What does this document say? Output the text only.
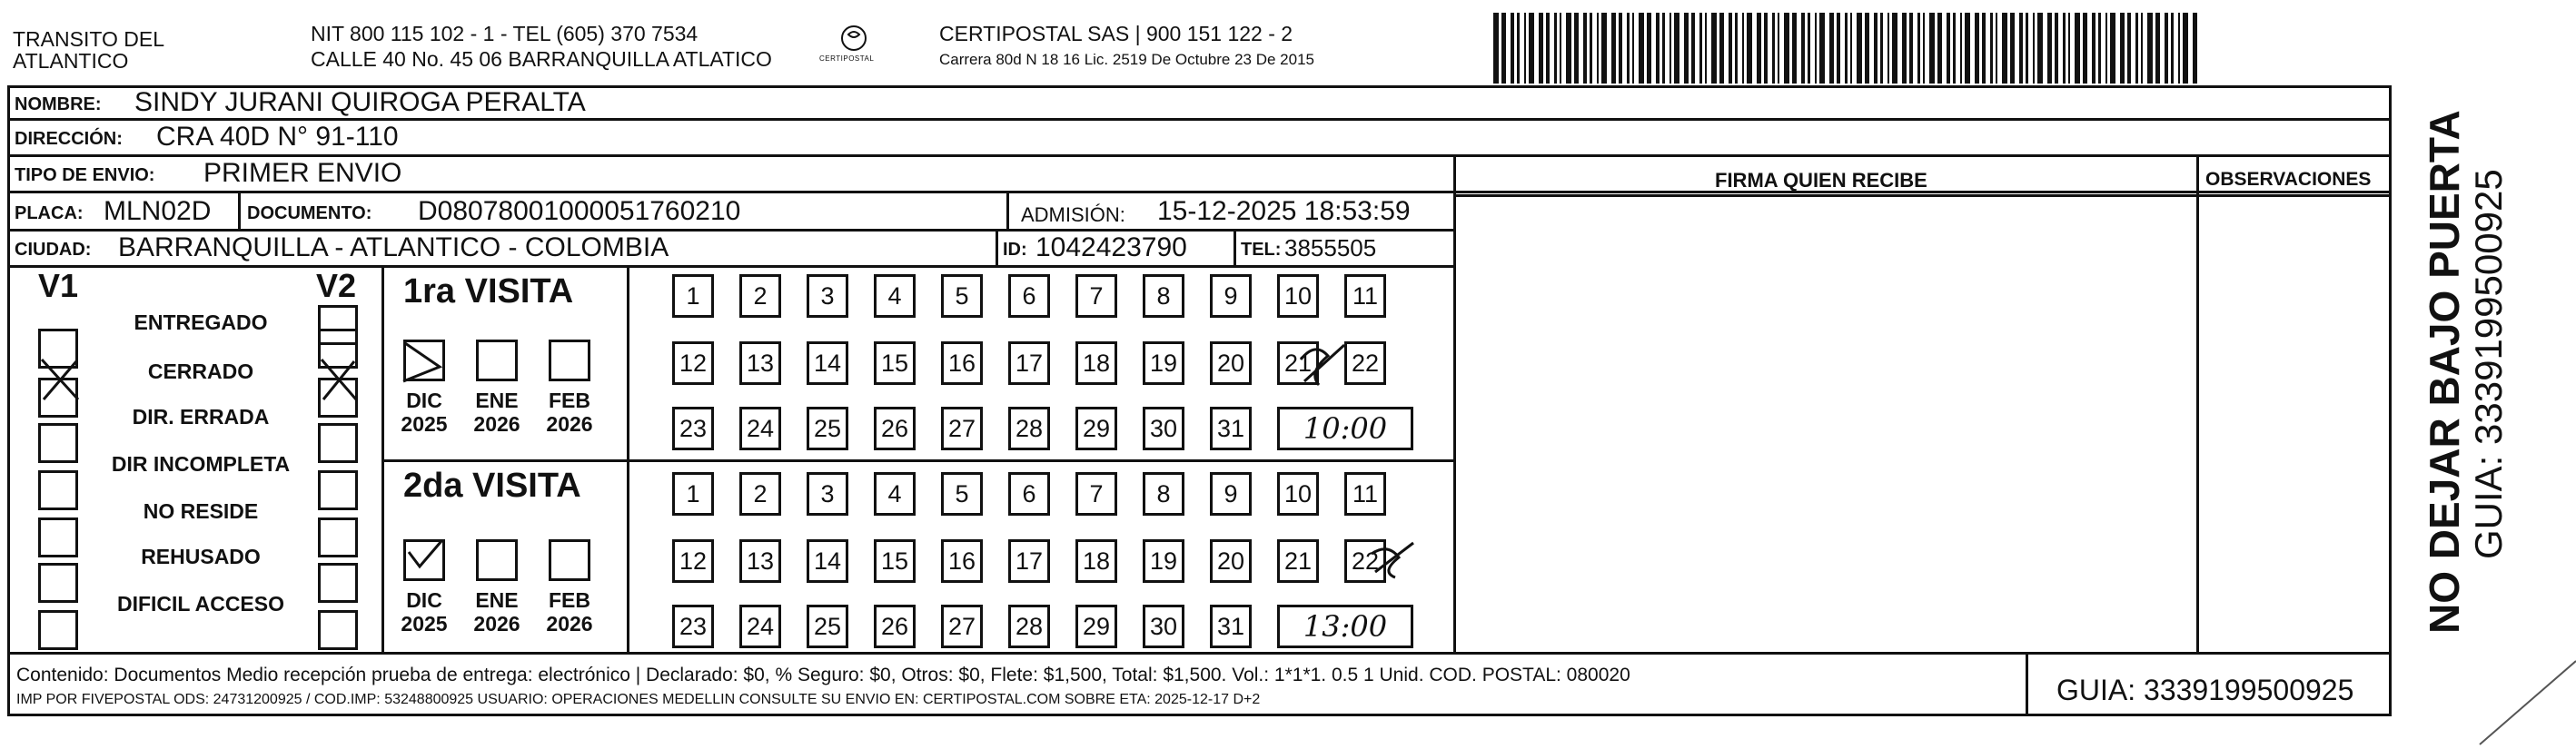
TRANSITO DEL
ATLANTICO
NIT 800 115 102 - 1 - TEL (605) 370 7534
CALLE 40 No. 45 06 BARRANQUILLA ATLATICO	CERTIPOSTAL
CERTIPOSTAL SAS | 900 151 122 - 2
Carrera 80d N 18 16 Lic. 2519 De Octubre 23 De 2015
NOMBRE: SINDY JURANI QUIROGA PERALTA
DIRECCIÓN: CRA 40D N° 91-110
TIPO DE ENVIO: PRIMER ENVIO
PLACA: MLN02D DOCUMENTO: D08078001000051760210	ADMISIÓN: 15-12-2025 18:53:59
CIUDAD: BARRANQUILLA - ATLANTICO - COLOMBIA	ID: 1042423790	TEL: 3855505
FIRMA QUIEN RECIBE	OBSERVACIONES
V1	V2
ENTREGADO
CERRADO
DIR. ERRADA
DIR INCOMPLETA
NO RESIDE
REHUSADO
DIFICIL ACCESO
1ra VISITA
2da VISITA
1	2	3	4	5	6	7	8	9	10	11
12 13 14 15 16 17 18 19 20 21 22
23 24 25 26 27 28 29 30 31	10:00
1	2	3	4	5	6	7	8	9	10	11
12 13 14 15 16 17 18 19 20 21 22
23 24 25 26 27 28 29 30 31	13:00
DIC
2025
ENE
2026
FEB
2026
DIC
2025
ENE
2026
FEB
2026	NO DEJAR BAJO PUERTA GUIA: 3339199500925
Contenido: Documentos Medio recepción prueba de entrega: electrónico | Declarado: $0, % Seguro: $0, Otros: $0, Flete: $1,500, Total: $1,500. Vol.: 1*1*1. 0.5 1 Unid. COD. POSTAL: 080020
IMP POR FIVEPOSTAL ODS: 24731200925 / COD.IMP: 53248800925 USUARIO: OPERACIONES MEDELLIN CONSULTE SU ENVIO EN: CERTIPOSTAL.COM SOBRE ETA: 2025-12-17 D+2	GUIA: 3339199500925
